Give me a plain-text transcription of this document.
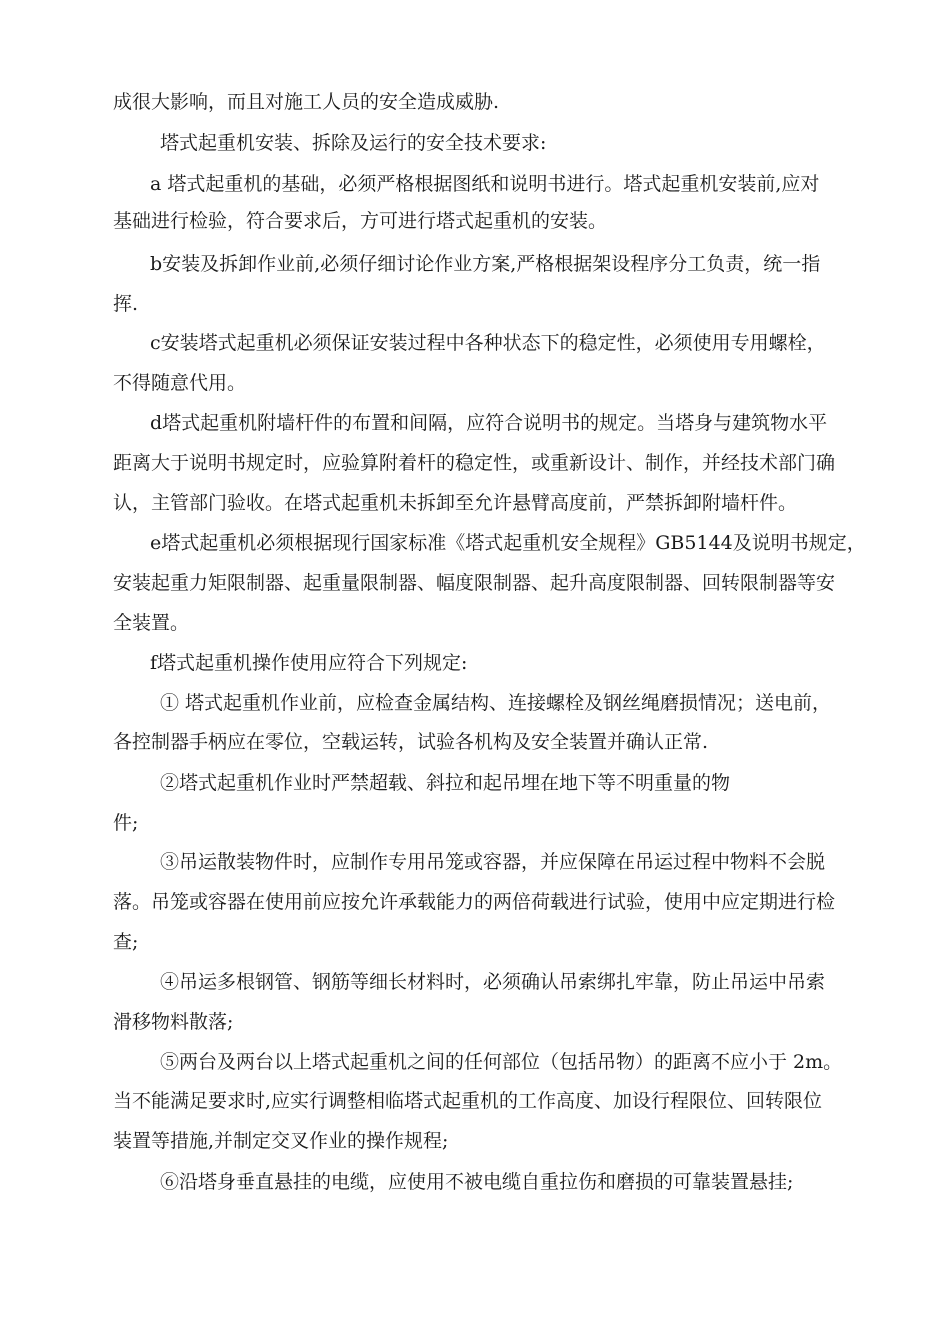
成很大影响，而且对施工人员的安全造成威胁.
塔式起重机安装、拆除及运行的安全技术要求:
a 塔式起重机的基础，必须严格根据图纸和说明书进行。塔式起重机安装前,应对
基础进行检验，符合要求后，方可进行塔式起重机的安装。
b安装及拆卸作业前,必须仔细讨论作业方案,严格根据架设程序分工负责，统一指
挥.
c安装塔式起重机必须保证安装过程中各种状态下的稳定性，必须使用专用螺栓，
不得随意代用。
d塔式起重机附墙杆件的布置和间隔，应符合说明书的规定。当塔身与建筑物水平
距离大于说明书规定时，应验算附着杆的稳定性，或重新设计、制作，并经技术部门确
认，主管部门验收。在塔式起重机未拆卸至允许悬臂高度前，严禁拆卸附墙杆件。
e塔式起重机必须根据现行国家标准《塔式起重机安全规程》GB5144及说明书规定，
安装起重力矩限制器、起重量限制器、幅度限制器、起升高度限制器、回转限制器等安
全装置。
f塔式起重机操作使用应符合下列规定:
① 塔式起重机作业前，应检查金属结构、连接螺栓及钢丝绳磨损情况；送电前，
各控制器手柄应在零位，空载运转，试验各机构及安全装置并确认正常.
②塔式起重机作业时严禁超载、斜拉和起吊埋在地下等不明重量的物
件;
③吊运散装物件时，应制作专用吊笼或容器，并应保障在吊运过程中物料不会脱
落。吊笼或容器在使用前应按允许承载能力的两倍荷载进行试验，使用中应定期进行检
查;
④吊运多根钢管、钢筋等细长材料时，必须确认吊索绑扎牢靠，防止吊运中吊索
滑移物料散落;
⑤两台及两台以上塔式起重机之间的任何部位（包括吊物）的距离不应小于 2m。
当不能满足要求时,应实行调整相临塔式起重机的工作高度、加设行程限位、回转限位
装置等措施,并制定交叉作业的操作规程;
⑥沿塔身垂直悬挂的电缆，应使用不被电缆自重拉伤和磨损的可靠装置悬挂;
